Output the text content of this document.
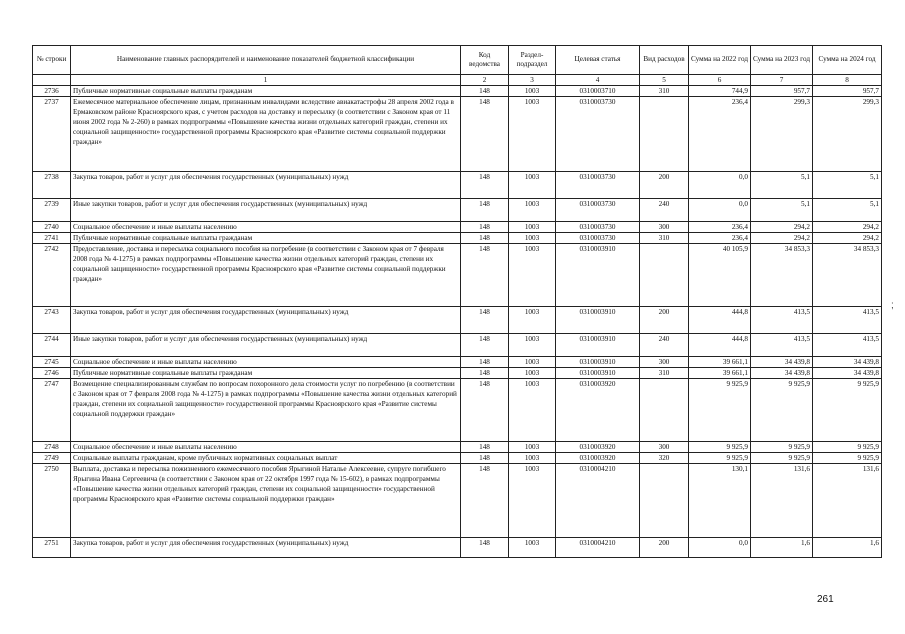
№ строки	Наименование главных распорядителей и наименование показателей бюджетной классификации	Код ведомства	Раздел-подраздел	Целевая статья	Вид расходов	Сумма на 2022 год	Сумма на 2023 год	Сумма на 2024 год
	1	2	3	4	5	6	7	8
2736	Публичные нормативные социальные выплаты гражданам	148	1003	0310003710	310	744,9	957,7	957,7
2737	Ежемесячное материальное обеспечение лицам, признанным инвалидами вследствие авиакатастрофы 28 апреля 2002 года в Ермаковском районе Красноярского края, с учетом расходов на доставку и пересылку (в соответствии с Законом края от 11 июня 2002 года № 2-260) в рамках подпрограммы «Повышение качества жизни отдельных категорий граждан, степени их социальной защищенности» государственной программы Красноярского края «Развитие системы социальной поддержки граждан»	148	1003	0310003730		236,4	299,3	299,3
2738	Закупка товаров, работ и услуг для обеспечения государственных (муниципальных) нужд	148	1003	0310003730	200	0,0	5,1	5,1
2739	Иные закупки товаров, работ и услуг для обеспечения государственных (муниципальных) нужд	148	1003	0310003730	240	0,0	5,1	5,1
2740	Социальное обеспечение и иные выплаты населению	148	1003	0310003730	300	236,4	294,2	294,2
2741	Публичные нормативные социальные выплаты гражданам	148	1003	0310003730	310	236,4	294,2	294,2
2742	Предоставление, доставка и пересылка социального пособия на погребение (в соответствии с Законом края от 7 февраля 2008 года № 4-1275) в рамках подпрограммы «Повышение качества жизни отдельных категорий граждан, степени их социальной защищенности» государственной программы Красноярского края «Развитие системы социальной поддержки граждан»	148	1003	0310003910		40 105,9	34 853,3	34 853,3
2743	Закупка товаров, работ и услуг для обеспечения государственных (муниципальных) нужд	148	1003	0310003910	200	444,8	413,5	413,5
2744	Иные закупки товаров, работ и услуг для обеспечения государственных (муниципальных) нужд	148	1003	0310003910	240	444,8	413,5	413,5
2745	Социальное обеспечение и иные выплаты населению	148	1003	0310003910	300	39 661,1	34 439,8	34 439,8
2746	Публичные нормативные социальные выплаты гражданам	148	1003	0310003910	310	39 661,1	34 439,8	34 439,8
2747	Возмещение специализированным службам по вопросам похоронного дела стоимости услуг по погребению (в соответствии с Законом края от 7 февраля 2008 года № 4-1275) в рамках подпрограммы «Повышение качества жизни отдельных категорий граждан, степени их социальной защищенности» государственной программы Красноярского края «Развитие системы социальной поддержки граждан»	148	1003	0310003920		9 925,9	9 925,9	9 925,9
2748	Социальное обеспечение и иные выплаты населению	148	1003	0310003920	300	9 925,9	9 925,9	9 925,9
2749	Социальные выплаты гражданам, кроме публичных нормативных социальных выплат	148	1003	0310003920	320	9 925,9	9 925,9	9 925,9
2750	Выплата, доставка и пересылка пожизненного ежемесячного пособия Ярыгиной Наталье Алексеевне, супруге погибшего Ярыгина Ивана Сергеевича (в соответствии с Законом края от 22 октября 1997 года № 15-602), в рамках подпрограммы «Повышение качества жизни отдельных категорий граждан, степени их социальной защищенности» государственной программы Красноярского края «Развитие системы социальной поддержки граждан»	148	1003	0310004210		130,1	131,6	131,6
2751	Закупка товаров, работ и услуг для обеспечения государственных (муниципальных) нужд	148	1003	0310004210	200	0,0	1,6	1,6
;
261
